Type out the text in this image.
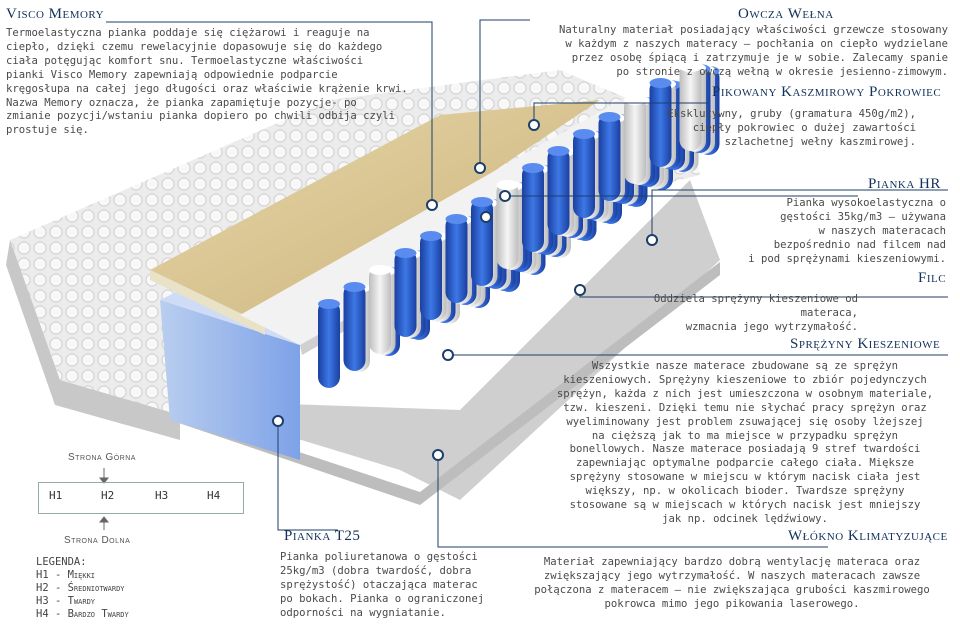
Visco Memory
Termoelastyczna pianka poddaje się ciężarowi i reaguje na
ciepło, dzięki czemu rewelacyjnie dopasowuje się do każdego
ciała potęgując komfort snu. Termoelastyczne właściwości
pianki Visco Memory zapewniają odpowiednie podparcie
kręgosłupa na całej jego długości oraz właściwie krążenie krwi.
Nazwa Memory oznacza, że pianka zapamiętuje pozycje- po
zmianie pozycji/wstaniu pianka dopiero po chwili odbija czyli
prostuje się.
Owcza Wełna
Naturalny materiał posiadający właściwości grzewcze stosowany
w każdym z naszych materacy – pochłania on ciepło wydzielane
przez osobę śpiącą i zatrzymuje je w sobie. Zalecamy spanie
po stronie z owczą wełną w okresie jesienno-zimowym.
Pikowany Kaszmirowy Pokrowiec
Ekskluzywny, gruby (gramatura 450g/m2),
ciepły pokrowiec o dużej zawartości
szlachetnej wełny kaszmirowej.
Pianka HR
Pianka wysokoelastyczna o
gęstości 35kg/m3 – używana
w naszych materacach
bezpośrednio nad filcem nad
i pod sprężynami kieszeniowymi.
Filc
Oddziela sprężyny kieszeniowe od materaca,
wzmacnia jego wytrzymałość.
Sprężyny Kieszeniowe
Wszystkie nasze materace zbudowane są ze sprężyn
kieszeniowych. Sprężyny kieszeniowe to zbiór pojedynczych
sprężyn, każda z nich jest umieszczona w osobnym materiale,
tzw. kieszeni. Dzięki temu nie słychać pracy sprężyn oraz
wyeliminowany jest problem zsuwającej się osoby lżejszej
na cięższą jak to ma miejsce w przypadku sprężyn
bonellowych. Nasze materace posiadają 9 stref twardości
zapewniając optymalne podparcie całego ciała. Miększe
sprężyny stosowane w miejscu w którym nacisk ciała jest
większy, np. w okolicach bioder. Twardsze sprężyny
stosowane są w miejscach w których nacisk jest mniejszy
jak np. odcinek lędźwiowy.
Pianka T25
Pianka poliuretanowa o gęstości
25kg/m3 (dobra twardość, dobra
sprężystość) otaczająca materac
po bokach. Pianka o ograniczonej
odporności na wygniatanie.
Włókno Klimatyzujące
Materiał zapewniający bardzo dobrą wentylację materaca oraz
zwiększający jego wytrzymałość. W naszych materacach zawsze
połączona z materacem – nie zwiększająca grubości kaszmirowego
pokrowca mimo jego pikowania laserowego.
Strona Górna
H1	H2	H3	H4
Strona Dolna
LEGENDA:
H1 - Miękki
H2 - Średniotwardy
H3 - Twardy
H4 - Bardzo Twardy
